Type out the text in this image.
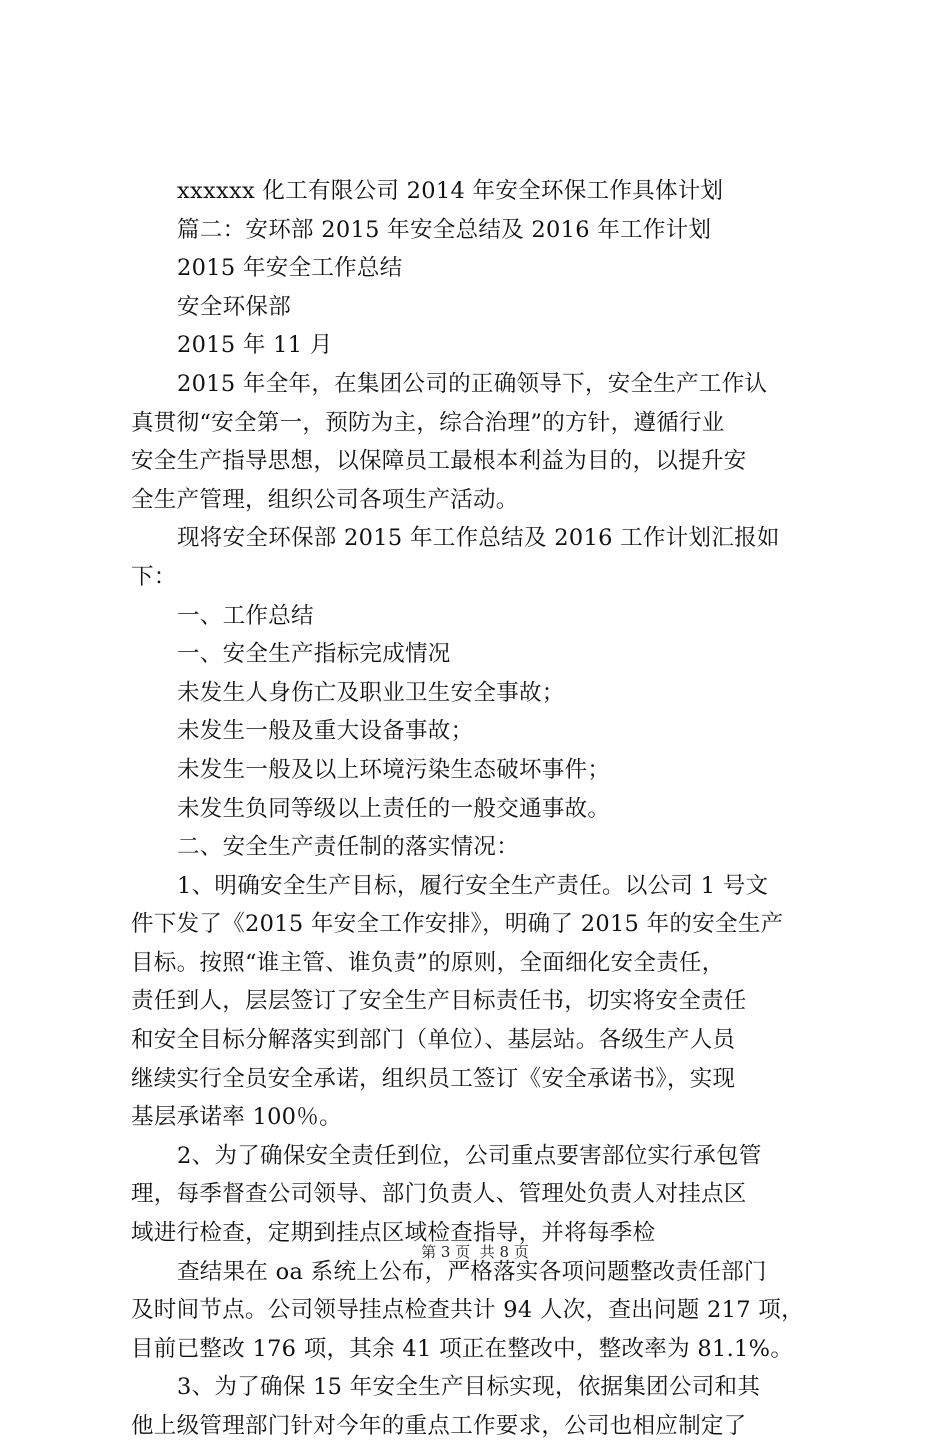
xxxxxx 化工有限公司 2014 年安全环保工作具体计划
篇二：安环部 2015 年安全总结及 2016 年工作计划
2015 年安全工作总结
安全环保部
2015 年 11 月
2015 年全年，在集团公司的正确领导下，安全生产工作认
真贯彻“安全第一，预防为主，综合治理”的方针，遵循行业
安全生产指导思想，以保障员工最根本利益为目的，以提升安
全生产管理，组织公司各项生产活动。
现将安全环保部 2015 年工作总结及 2016 工作计划汇报如
下：
一、工作总结
一、安全生产指标完成情况
未发生人身伤亡及职业卫生安全事故；
未发生一般及重大设备事故；
未发生一般及以上环境污染生态破坏事件；
未发生负同等级以上责任的一般交通事故。
二、安全生产责任制的落实情况：
1、明确安全生产目标，履行安全生产责任。以公司 1 号文
件下发了《2015 年安全工作安排》，明确了 2015 年的安全生产
目标。按照“谁主管、谁负责”的原则，全面细化安全责任，
责任到人，层层签订了安全生产目标责任书，切实将安全责任
和安全目标分解落实到部门（单位）、基层站。各级生产人员
继续实行全员安全承诺，组织员工签订《安全承诺书》，实现
基层承诺率 100％。
2、为了确保安全责任到位，公司重点要害部位实行承包管
理，每季督查公司领导、部门负责人、管理处负责人对挂点区
域进行检查，定期到挂点区域检查指导，并将每季检
查结果在 oa 系统上公布，严格落实各项问题整改责任部门
及时间节点。公司领导挂点检查共计 94 人次，查出问题 217 项，
目前已整改 176 项，其余 41 项正在整改中，整改率为 81.1%。
3、为了确保 15 年安全生产目标实现，依据集团公司和其
他上级管理部门针对今年的重点工作要求，公司也相应制定了
第 3 页  共 8 页
